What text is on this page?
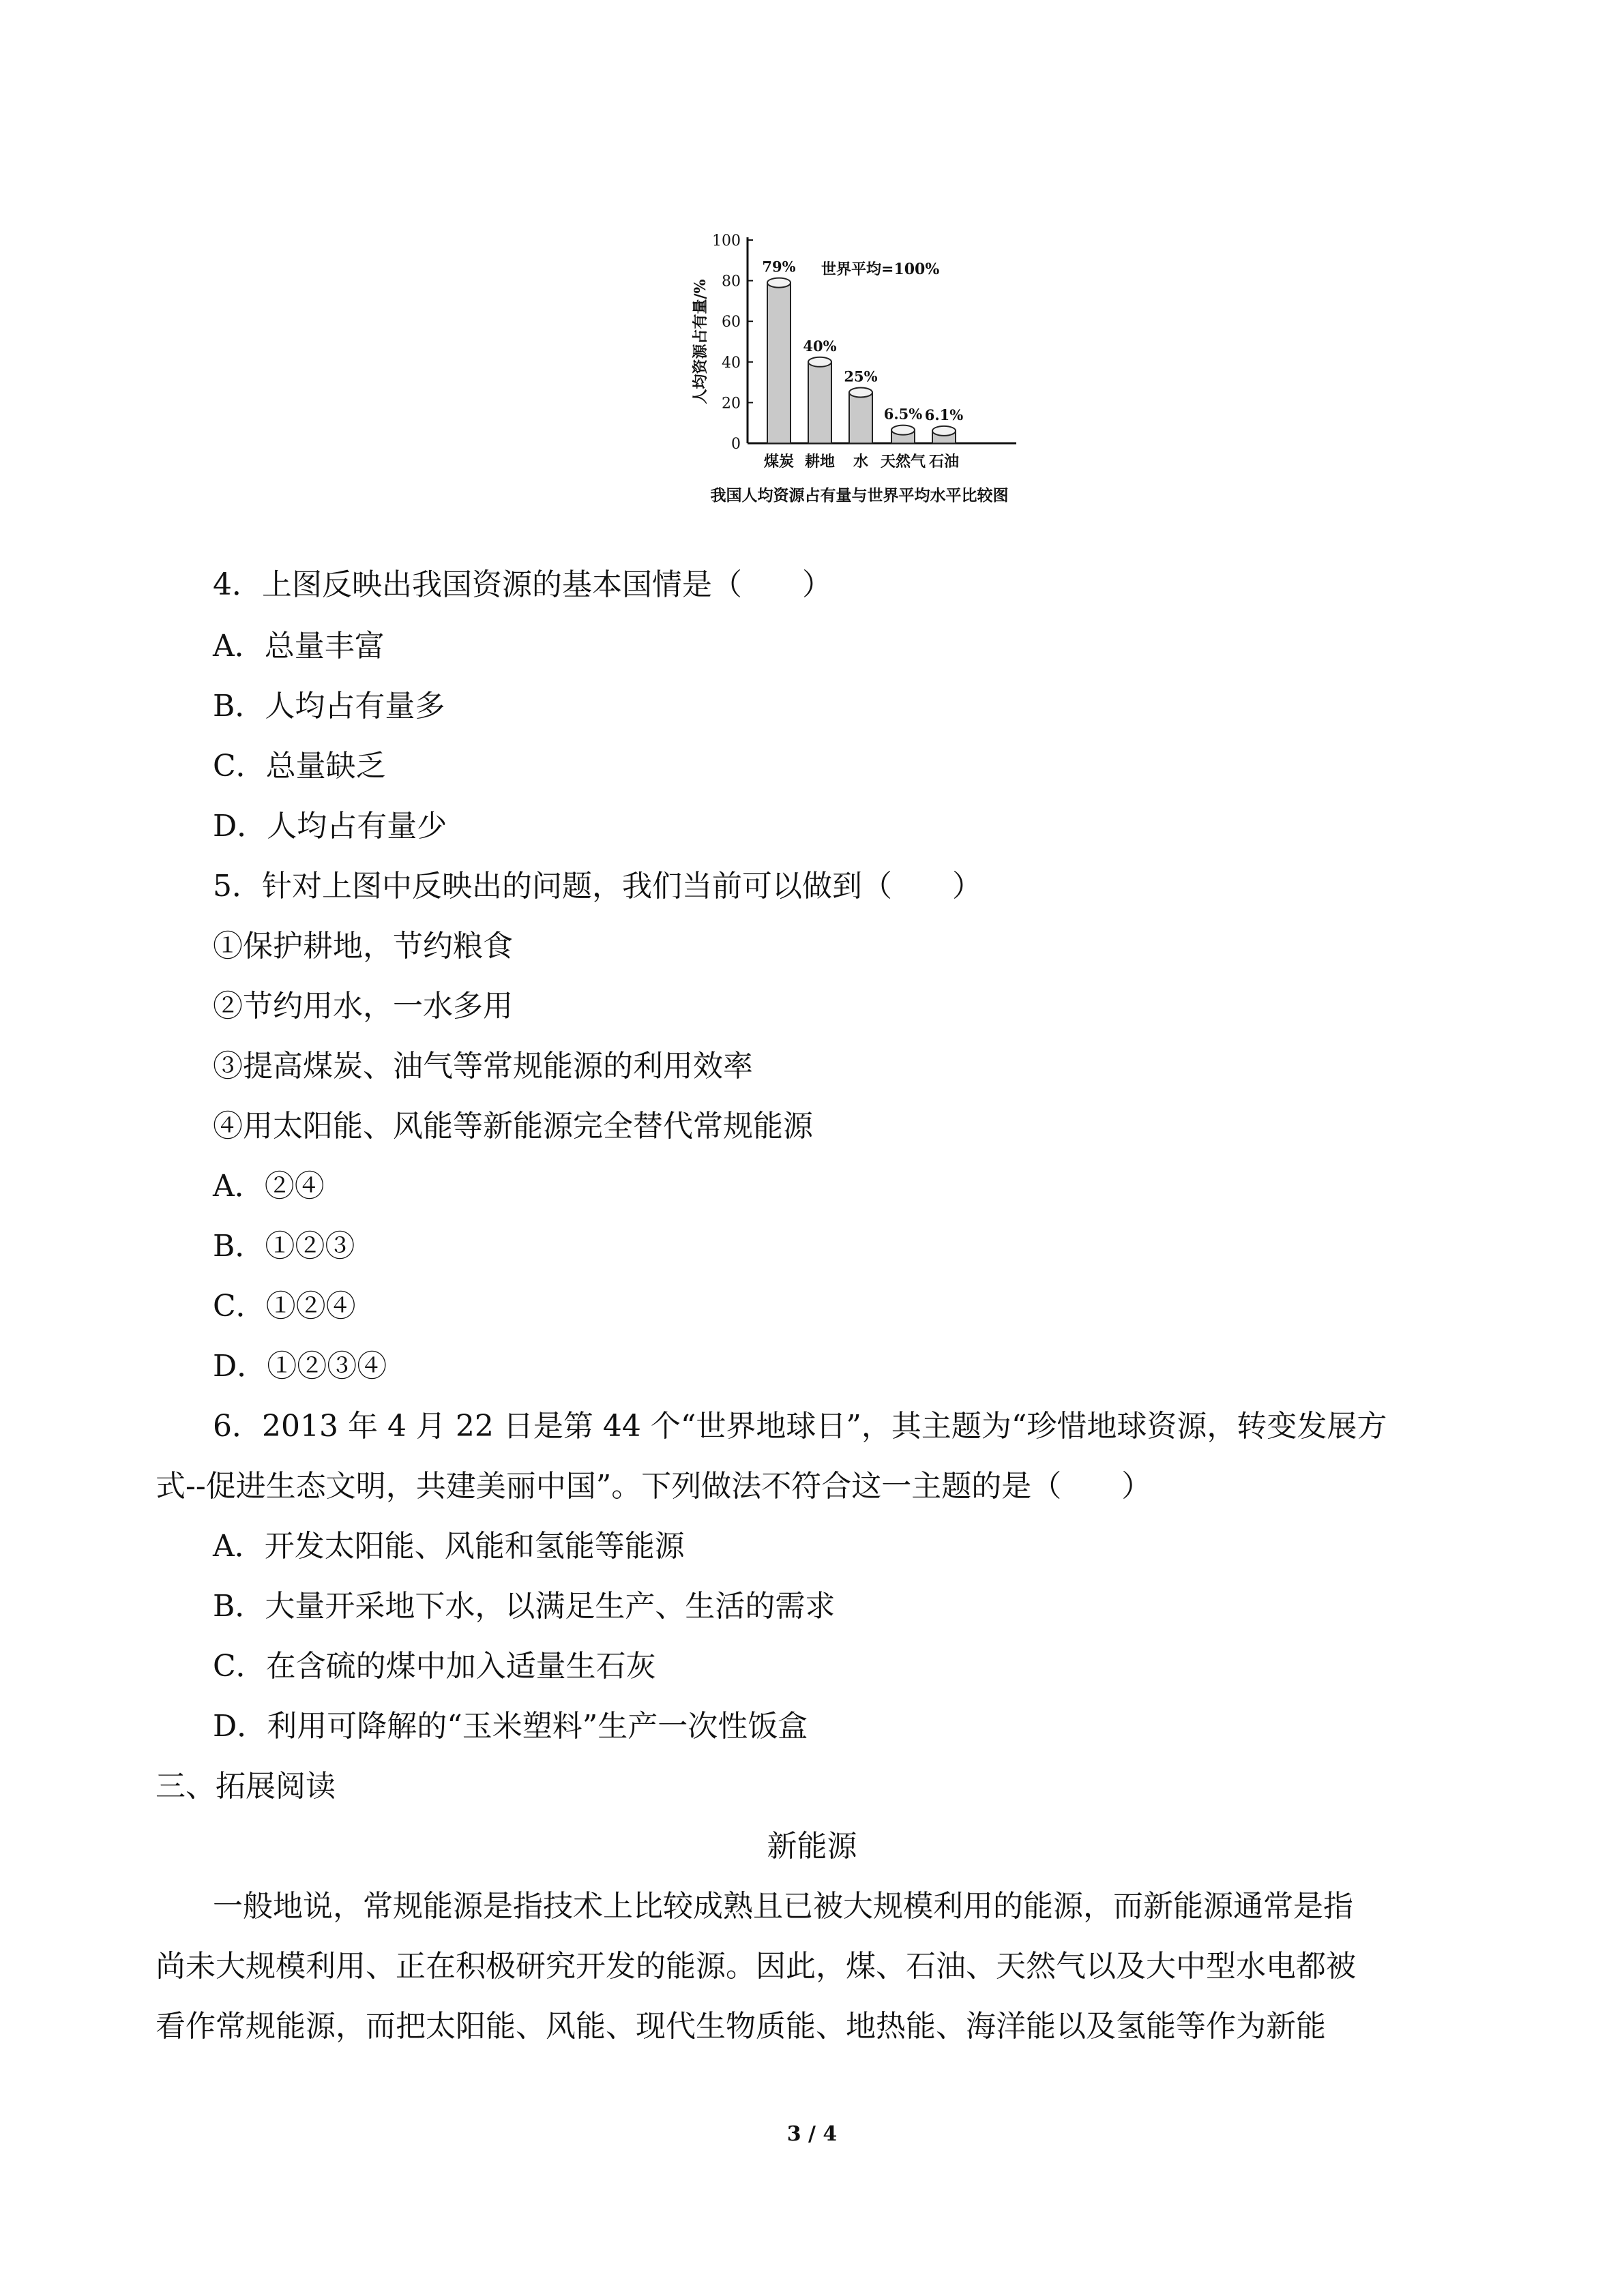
0
20
40
60
80
100
人均资源占有量/%
世界平均=100%
79%
煤炭
40%
耕地
25%
水
6.5%
天然气
6.1%
石油
我国人均资源占有量与世界平均水平比较图
4．上图反映出我国资源的基本国情是（　　）
A．总量丰富
B．人均占有量多
C．总量缺乏
D．人均占有量少
5．针对上图中反映出的问题，我们当前可以做到（　　）
①保护耕地，节约粮食
②节约用水，一水多用
③提高煤炭、油气等常规能源的利用效率
④用太阳能、风能等新能源完全替代常规能源
A．②④
B．①②③
C．①②④
D．①②③④
6．2013 年 4 月 22 日是第 44 个“世界地球日”，其主题为“珍惜地球资源，转变发展方
式--促进生态文明，共建美丽中国”。下列做法不符合这一主题的是（　　）
A．开发太阳能、风能和氢能等能源
B．大量开采地下水，以满足生产、生活的需求
C．在含硫的煤中加入适量生石灰
D．利用可降解的“玉米塑料”生产一次性饭盒
三、拓展阅读
新能源
一般地说，常规能源是指技术上比较成熟且已被大规模利用的能源，而新能源通常是指
尚未大规模利用、正在积极研究开发的能源。因此，煤、石油、天然气以及大中型水电都被
看作常规能源，而把太阳能、风能、现代生物质能、地热能、海洋能以及氢能等作为新能
3 / 4
